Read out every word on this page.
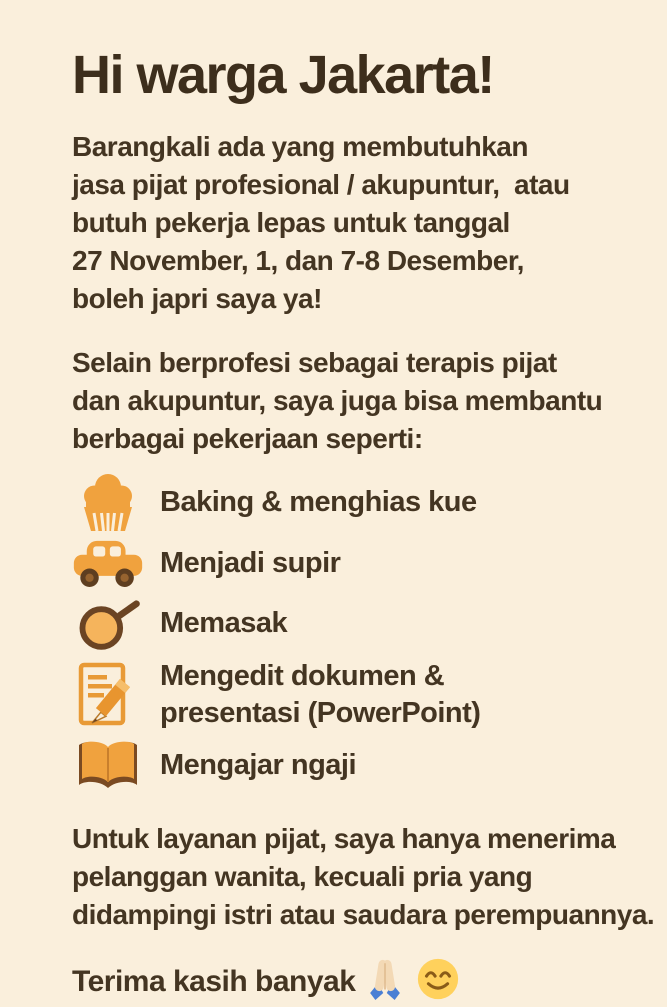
Hi warga Jakarta!
Barangkali ada yang membutuhkan
jasa pijat profesional / akupuntur,  atau
butuh pekerja lepas untuk tanggal
27 November, 1, dan 7-8 Desember,
boleh japri saya ya!
Selain berprofesi sebagai terapis pijat
dan akupuntur, saya juga bisa membantu
berbagai pekerjaan seperti:
Baking & menghias kue
Menjadi supir
Memasak
Mengedit dokumen &
presentasi (PowerPoint)
Mengajar ngaji
Untuk layanan pijat, saya hanya menerima
pelanggan wanita, kecuali pria yang
didampingi istri atau saudara perempuannya.
Terima kasih banyak
